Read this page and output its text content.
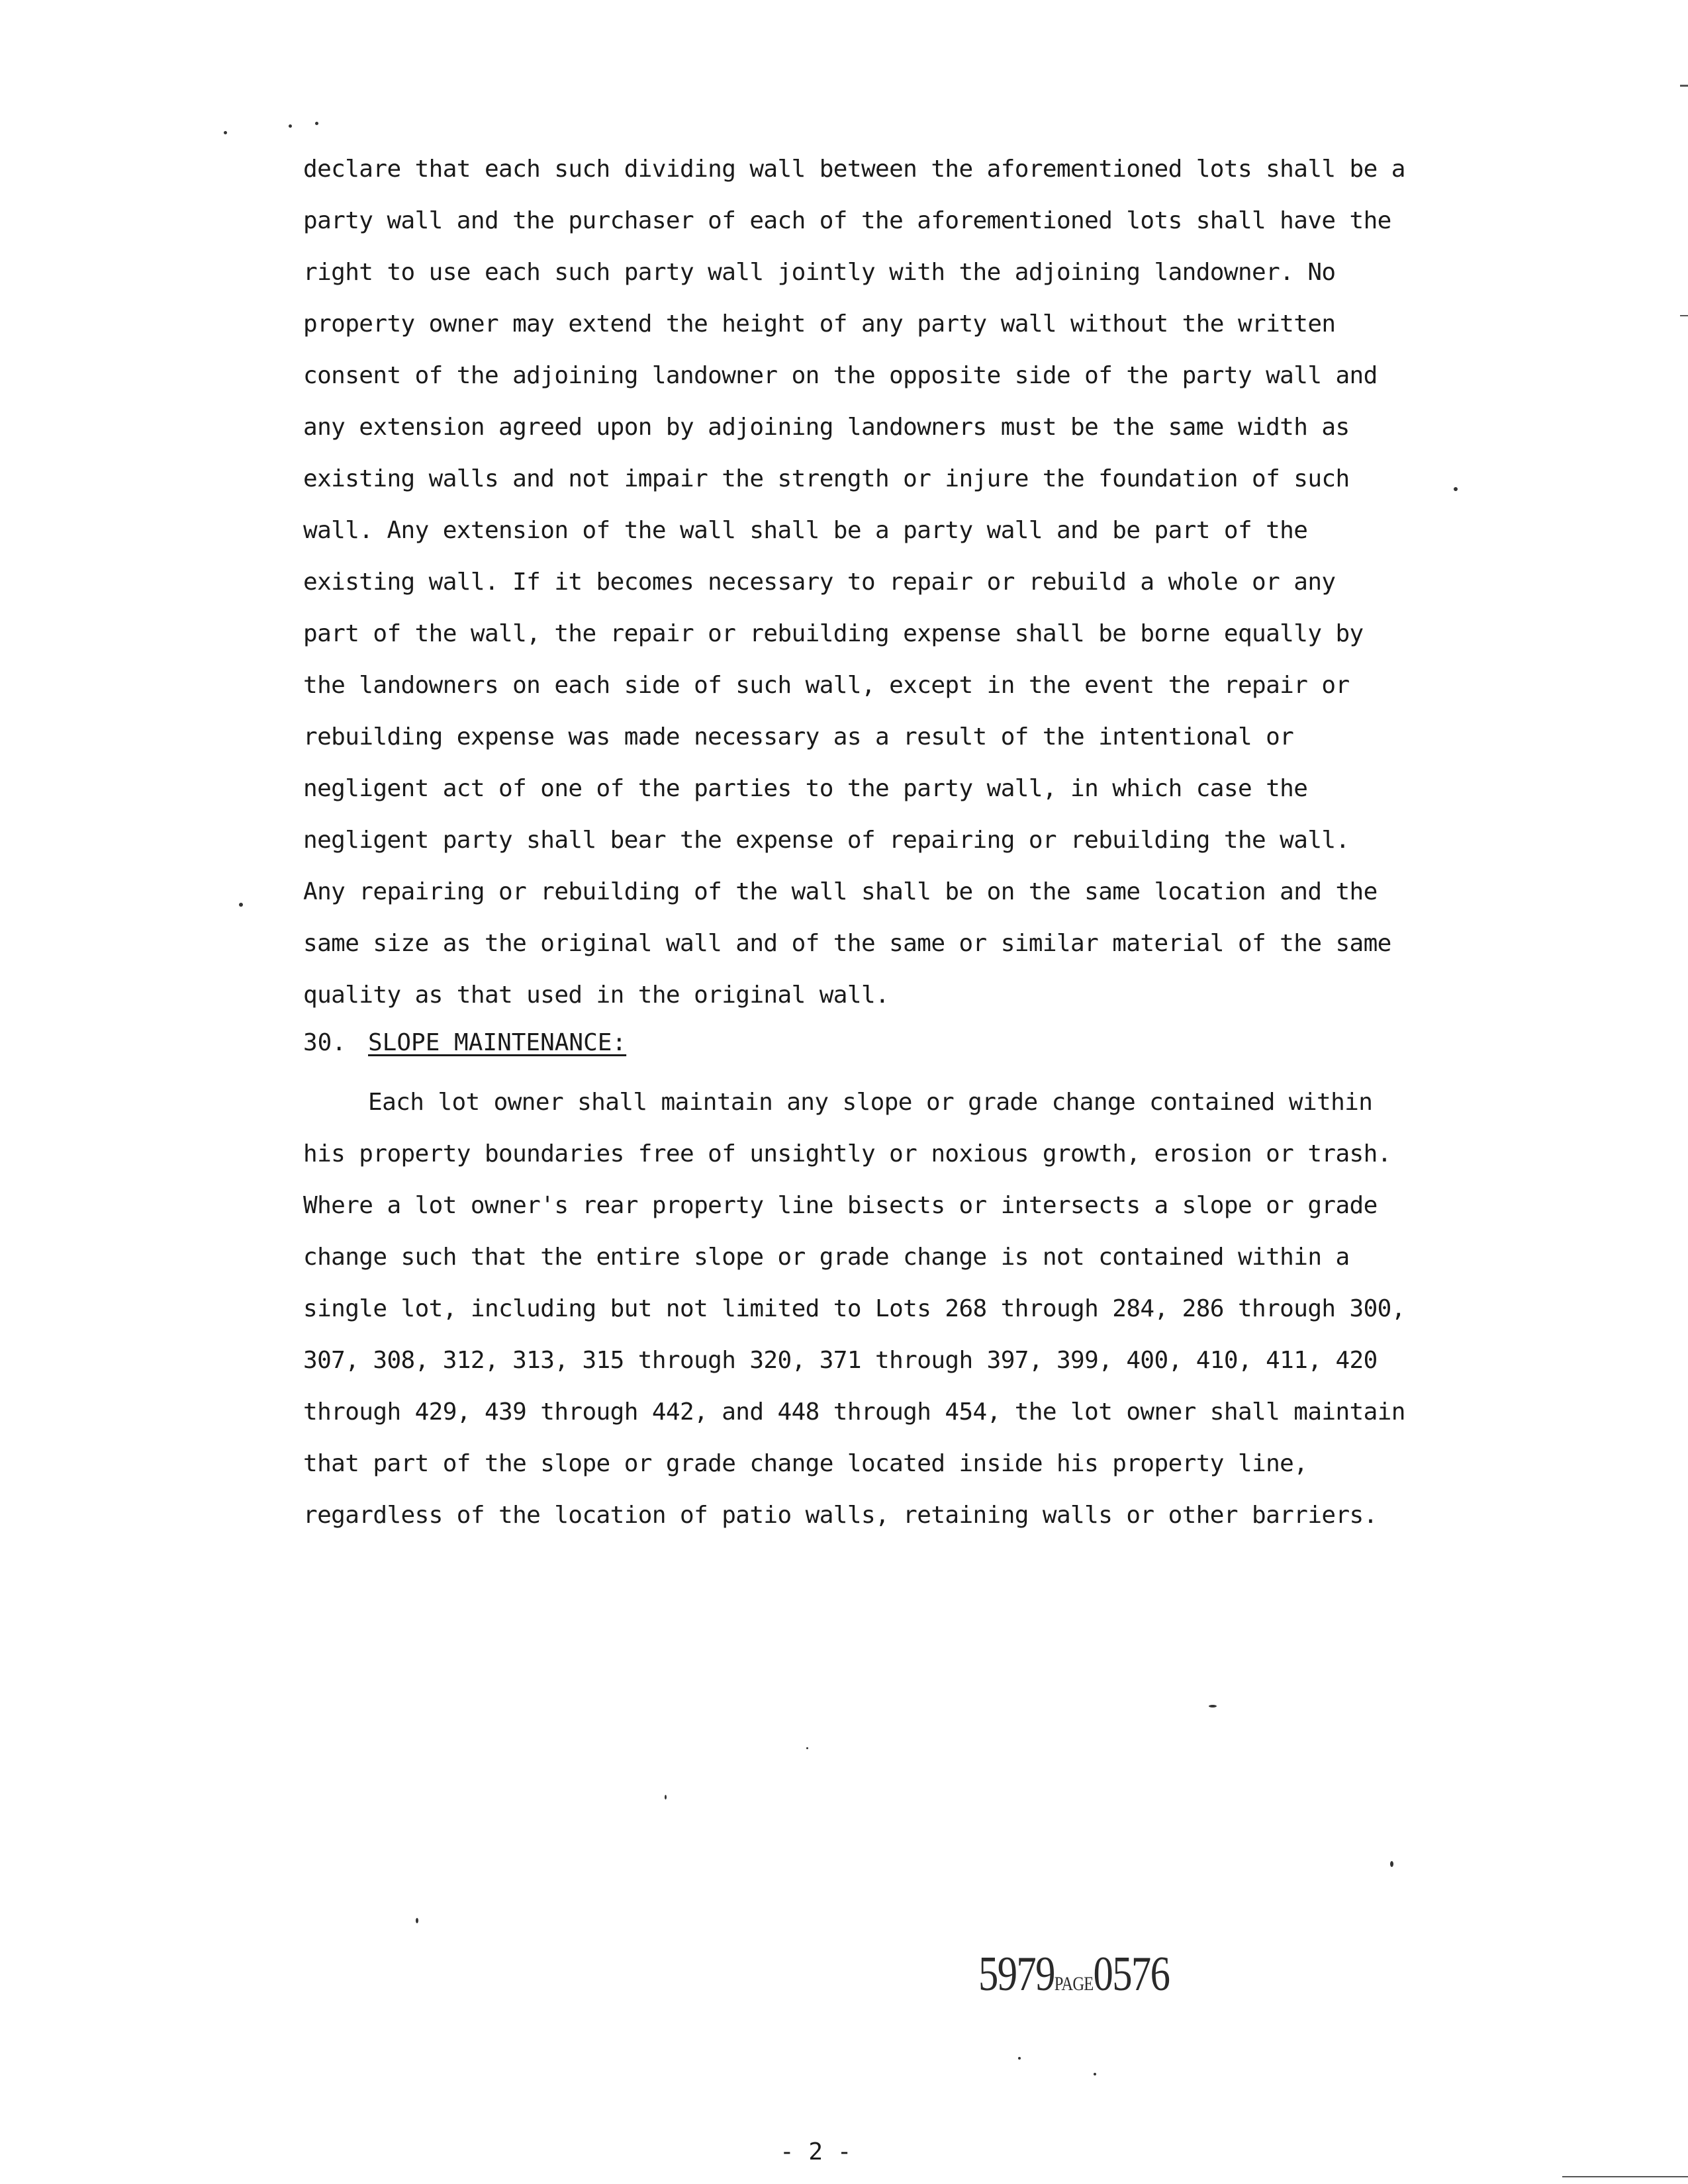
declare that each such dividing wall between the aforementioned lots shall be a
party wall and the purchaser of each of the aforementioned lots shall have the
right to use each such party wall jointly with the adjoining landowner. No
property owner may extend the height of any party wall without the written
consent of the adjoining landowner on the opposite side of the party wall and
any extension agreed upon by adjoining landowners must be the same width as
existing walls and not impair the strength or injure the foundation of such
wall. Any extension of the wall shall be a party wall and be part of the
existing wall. If it becomes necessary to repair or rebuild a whole or any
part of the wall, the repair or rebuilding expense shall be borne equally by
the landowners on each side of such wall, except in the event the repair or
rebuilding expense was made necessary as a result of the intentional or
negligent act of one of the parties to the party wall, in which case the
negligent party shall bear the expense of repairing or rebuilding the wall.
Any repairing or rebuilding of the wall shall be on the same location and the
same size as the original wall and of the same or similar material of the same
quality as that used in the original wall.
30. SLOPE MAINTENANCE:
Each lot owner shall maintain any slope or grade change contained within
his property boundaries free of unsightly or noxious growth, erosion or trash.
Where a lot owner's rear property line bisects or intersects a slope or grade
change such that the entire slope or grade change is not contained within a
single lot, including but not limited to Lots 268 through 284, 286 through 300,
307, 308, 312, 313, 315 through 320, 371 through 397, 399, 400, 410, 411, 420
through 429, 439 through 442, and 448 through 454, the lot owner shall maintain
that part of the slope or grade change located inside his property line,
regardless of the location of patio walls, retaining walls or other barriers.
5979PAGE0576
- 2 -
